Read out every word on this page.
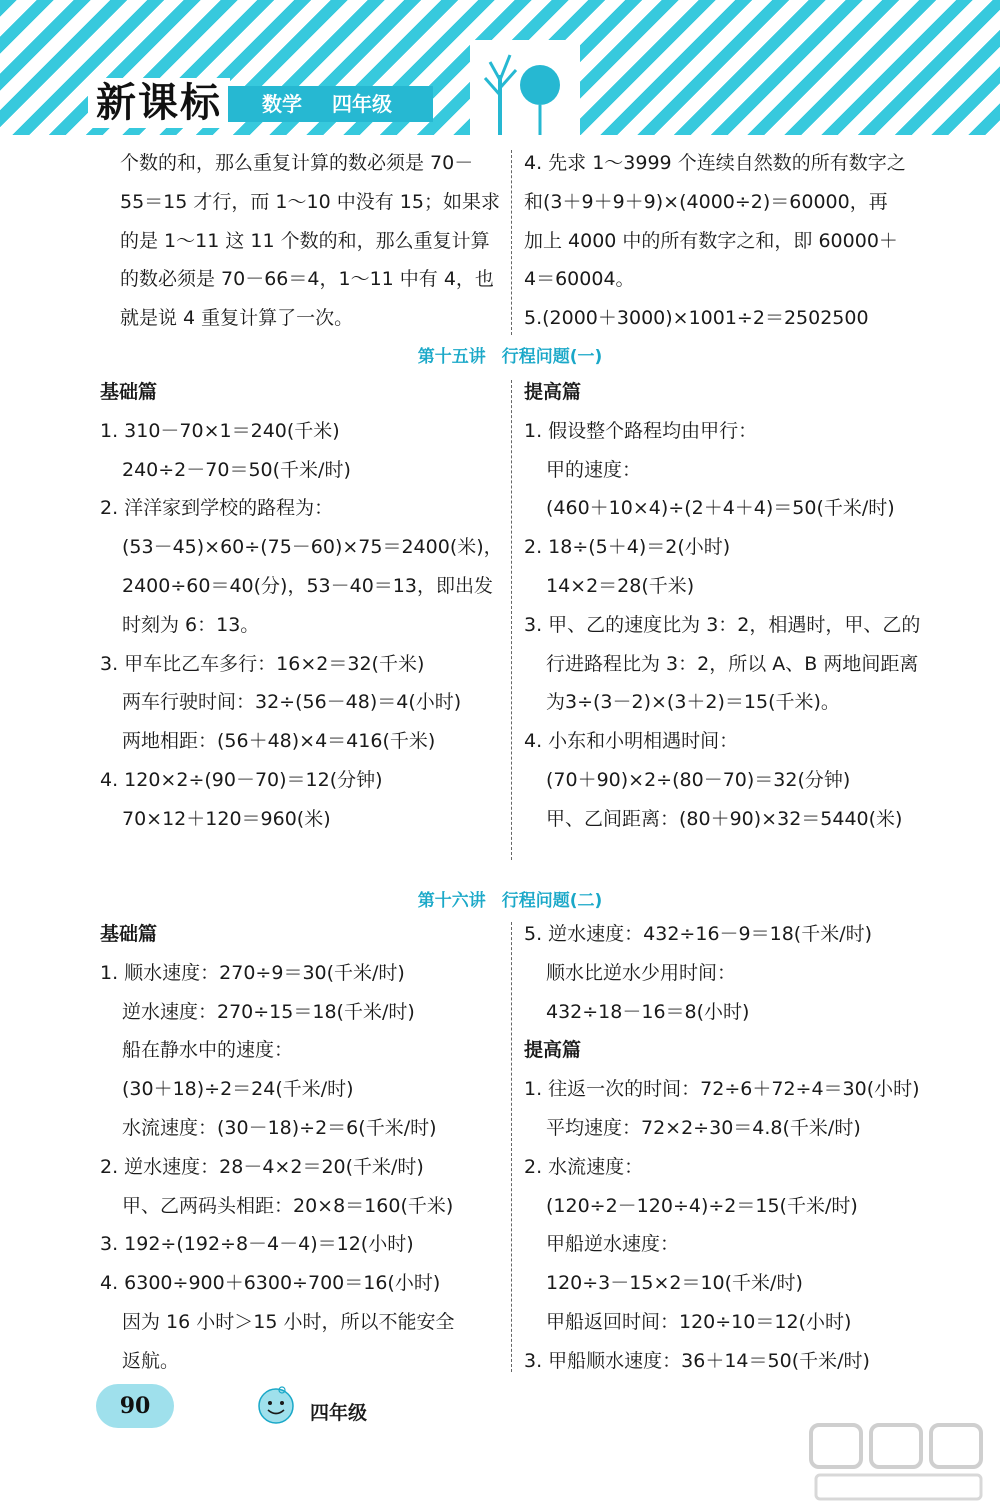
新课标	数学 四年级
个数的和，那么重复计算的数必须是 70－
55＝15 才行，而 1～10 中没有 15；如果求
的是 1～11 这 11 个数的和，那么重复计算
的数必须是 70－66＝4，1～11 中有 4，也
就是说 4 重复计算了一次。
4. 先求 1～3999 个连续自然数的所有数字之
和(3＋9＋9＋9)×(4000÷2)＝60000，再
加上 4000 中的所有数字之和，即 60000＋
4＝60004。
5.(2000＋3000)×1001÷2＝2502500
第十五讲 行程问题(一)
基础篇
1. 310－70×1＝240(千米)
240÷2－70＝50(千米/时)
2. 洋洋家到学校的路程为：
(53－45)×60÷(75－60)×75＝2400(米)，
2400÷60＝40(分)，53－40＝13，即出发
时刻为 6：13。
3. 甲车比乙车多行：16×2＝32(千米)
两车行驶时间：32÷(56－48)＝4(小时)
两地相距：(56＋48)×4＝416(千米)
4. 120×2÷(90－70)＝12(分钟)
70×12＋120＝960(米)
提高篇
1. 假设整个路程均由甲行：
甲的速度：
(460＋10×4)÷(2＋4＋4)＝50(千米/时)
2. 18÷(5＋4)＝2(小时)
14×2＝28(千米)
3. 甲、乙的速度比为 3：2，相遇时，甲、乙的
行进路程比为 3：2，所以 A、B 两地间距离
为3÷(3－2)×(3＋2)＝15(千米)。
4. 小东和小明相遇时间：
(70＋90)×2÷(80－70)＝32(分钟)
甲、乙间距离：(80＋90)×32＝5440(米)
第十六讲 行程问题(二)
基础篇
1. 顺水速度：270÷9＝30(千米/时)
逆水速度：270÷15＝18(千米/时)
船在静水中的速度：
(30＋18)÷2＝24(千米/时)
水流速度：(30－18)÷2＝6(千米/时)
2. 逆水速度：28－4×2＝20(千米/时)
甲、乙两码头相距：20×8＝160(千米)
3. 192÷(192÷8－4－4)＝12(小时)
4. 6300÷900＋6300÷700＝16(小时)
因为 16 小时＞15 小时，所以不能安全
返航。
5. 逆水速度：432÷16－9＝18(千米/时)
顺水比逆水少用时间：
432÷18－16＝8(小时)
提高篇
1. 往返一次的时间：72÷6＋72÷4＝30(小时)
平均速度：72×2÷30＝4.8(千米/时)
2. 水流速度：
(120÷2－120÷4)÷2＝15(千米/时)
甲船逆水速度：
120÷3－15×2＝10(千米/时)
甲船返回时间：120÷10＝12(小时)
3. 甲船顺水速度：36＋14＝50(千米/时)
90	四年级
